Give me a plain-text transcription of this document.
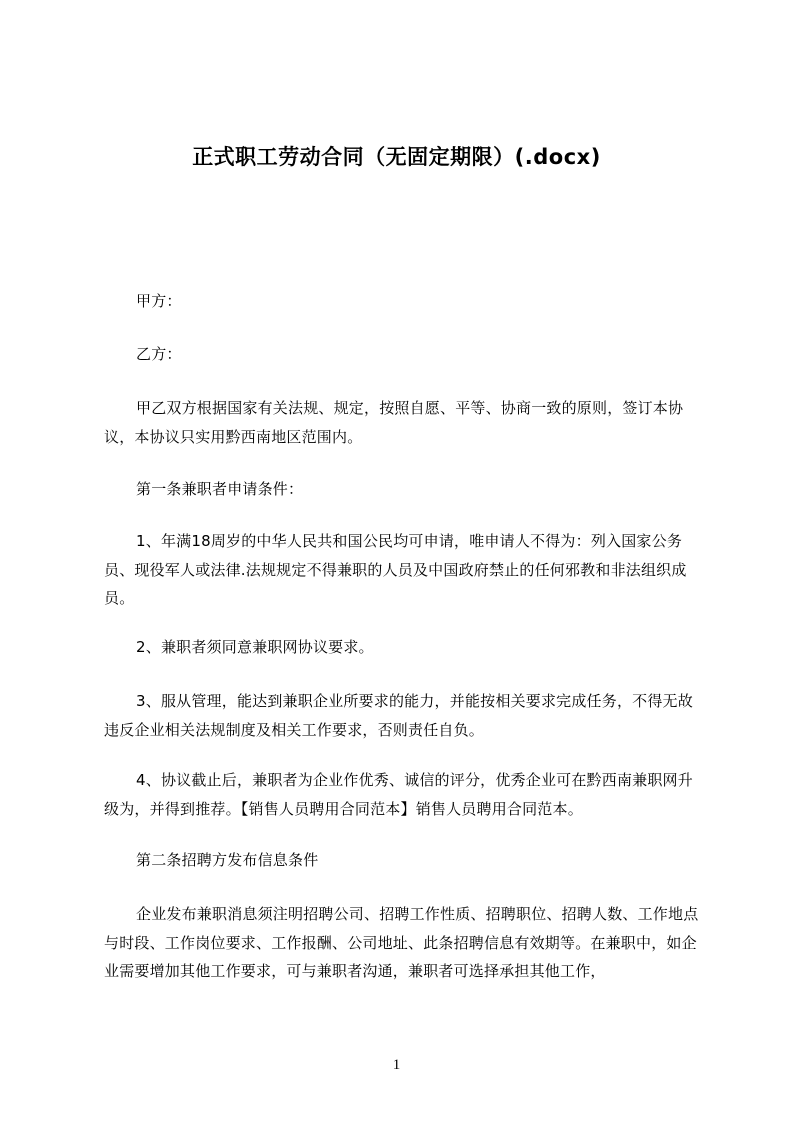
正式职工劳动合同（无固定期限）(.docx)
甲方：
乙方：
甲乙双方根据国家有关法规、规定，按照自愿、平等、协商一致的原则，签订本协议，本协议只实用黔西南地区范围内。
第一条兼职者申请条件：
1、年满18周岁的中华人民共和国公民均可申请，唯申请人不得为：列入国家公务员、现役军人或法律.法规规定不得兼职的人员及中国政府禁止的任何邪教和非法组织成员。
2、兼职者须同意兼职网协议要求。
3、服从管理，能达到兼职企业所要求的能力，并能按相关要求完成任务，不得无故违反企业相关法规制度及相关工作要求，否则责任自负。
4、协议截止后，兼职者为企业作优秀、诚信的评分，优秀企业可在黔西南兼职网升级为，并得到推荐。【销售人员聘用合同范本】销售人员聘用合同范本。
第二条招聘方发布信息条件
企业发布兼职消息须注明招聘公司、招聘工作性质、招聘职位、招聘人数、工作地点与时段、工作岗位要求、工作报酬、公司地址、此条招聘信息有效期等。在兼职中，如企业需要增加其他工作要求，可与兼职者沟通，兼职者可选择承担其他工作，
1
